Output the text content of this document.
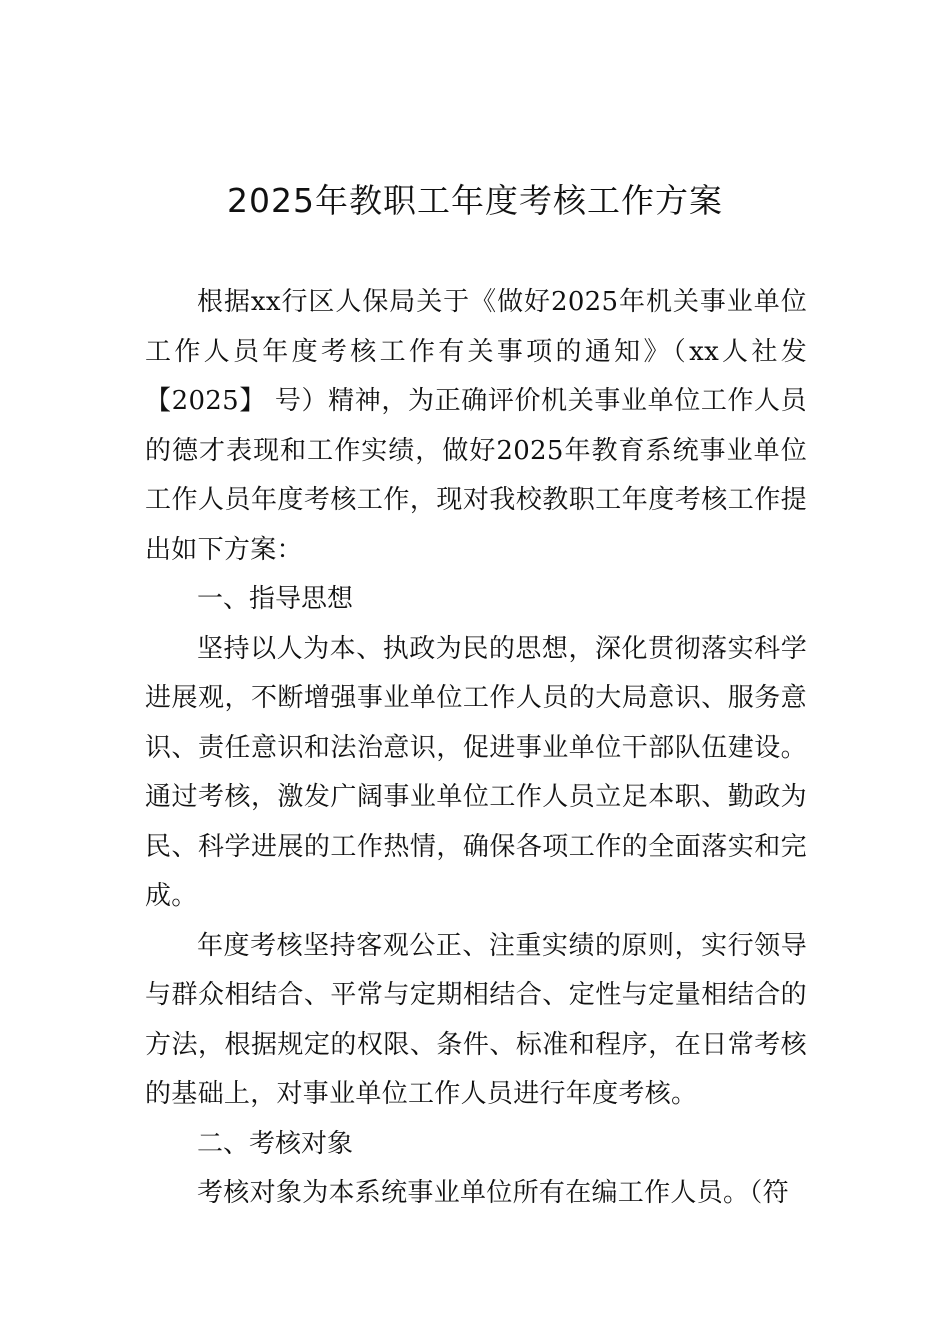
2025年教职工年度考核工作方案

根据xx行区人保局关于《做好2025年机关事业单位工作人员年度考核工作有关事项的通知》（xx人社发【2025】 号）精神，为正确评价机关事业单位工作人员的德才表现和工作实绩，做好2025年教育系统事业单位工作人员年度考核工作，现对我校教职工年度考核工作提出如下方案：

一、指导思想

坚持以人为本、执政为民的思想，深化贯彻落实科学进展观，不断增强事业单位工作人员的大局意识、服务意识、责任意识和法治意识，促进事业单位干部队伍建设。通过考核，激发广阔事业单位工作人员立足本职、勤政为民、科学进展的工作热情，确保各项工作的全面落实和完成。

年度考核坚持客观公正、注重实绩的原则，实行领导与群众相结合、平常与定期相结合、定性与定量相结合的方法，根据规定的权限、条件、标准和程序，在日常考核的基础上，对事业单位工作人员进行年度考核。

二、考核对象

考核对象为本系统事业单位所有在编工作人员。（符
